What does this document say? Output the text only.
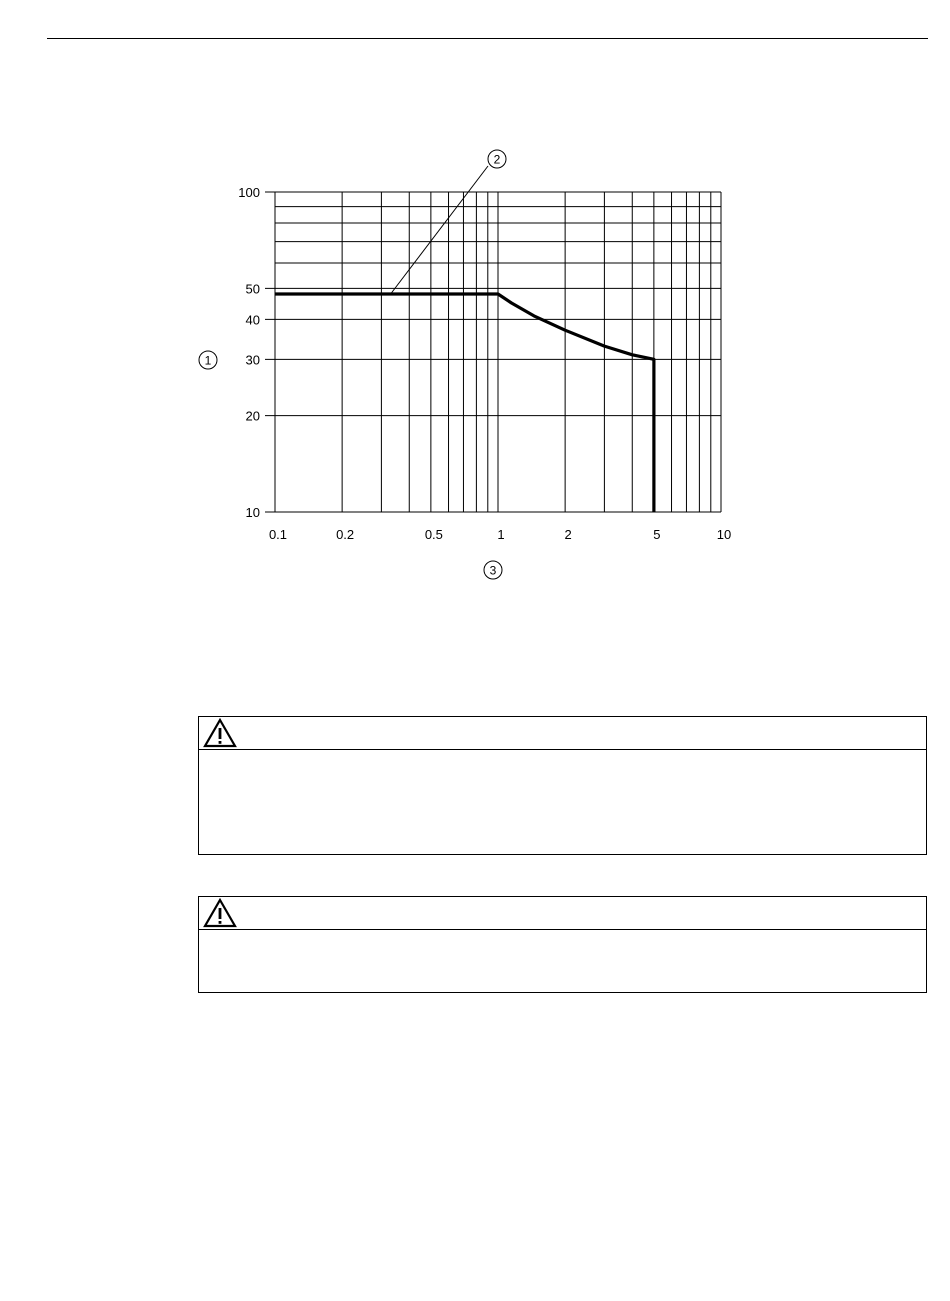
0.1	0.2	0.5	1	2	5	10
100
50
40
30
20
10
1
2
3
